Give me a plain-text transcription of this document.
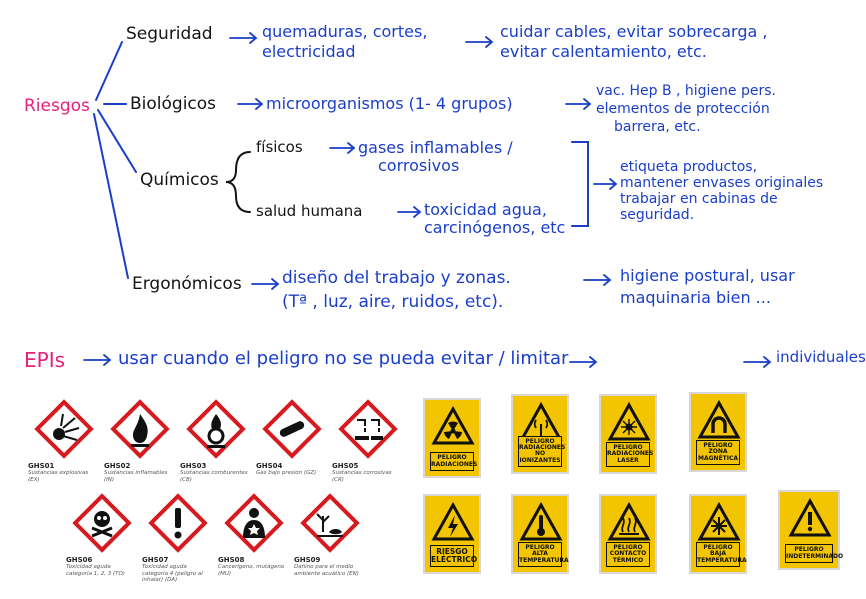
Riesgos
Seguridad	quemaduras, cortes,
electricidad
cuidar cables, evitar sobrecarga ,
evitar calentamiento, etc.
Biológicos	microorganismos (1- 4 grupos)
vac. Hep B , higiene pers.
elementos de protección
barrera, etc.
Químicos
físicos	gases inflamables /
corrosivos
salud humana	toxicidad agua,
carcinógenos, etc
etiqueta productos,
mantener envases originales
trabajar en cabinas de
seguridad.
Ergonómicos diseño del trabajo y zonas.
(Tª , luz, aire, ruidos, etc).
higiene postural, usar
maquinaria bien ...
EPIs	usar cuando el peligro no se pueda evitar / limitar	individuales
GHS01
Sustancias explosivas (EX)
GHS02
Sustancias inflamables (IN)
GHS03
Sustancias comburentes (CB)
GHS04
Gas bajo presión (GZ)
GHS05
Sustancias corrosivas (CR)
GHS06
Toxicidad aguda categoría 1, 2, 3 (TO)
GHS07
Toxicidad aguda categoría 4 (peligro al inhalar) (DA)
GHS08
Cancerígeno, mutágeno (MU)
GHS09
Dañino para el medio ambiente acuático (EN)
PELIGRO RADIACIONES
PELIGRO RADIACIONES NO IONIZANTES
PELIGRO RADIACIONES LASER
PELIGRO ZONA MAGNÉTICA
RIESGO ELÉCTRICO
PELIGRO ALTA TEMPERATURA
PELIGRO CONTACTO TÉRMICO
PELIGRO BAJA TEMPERATURA
PELIGRO INDETERMINADO
